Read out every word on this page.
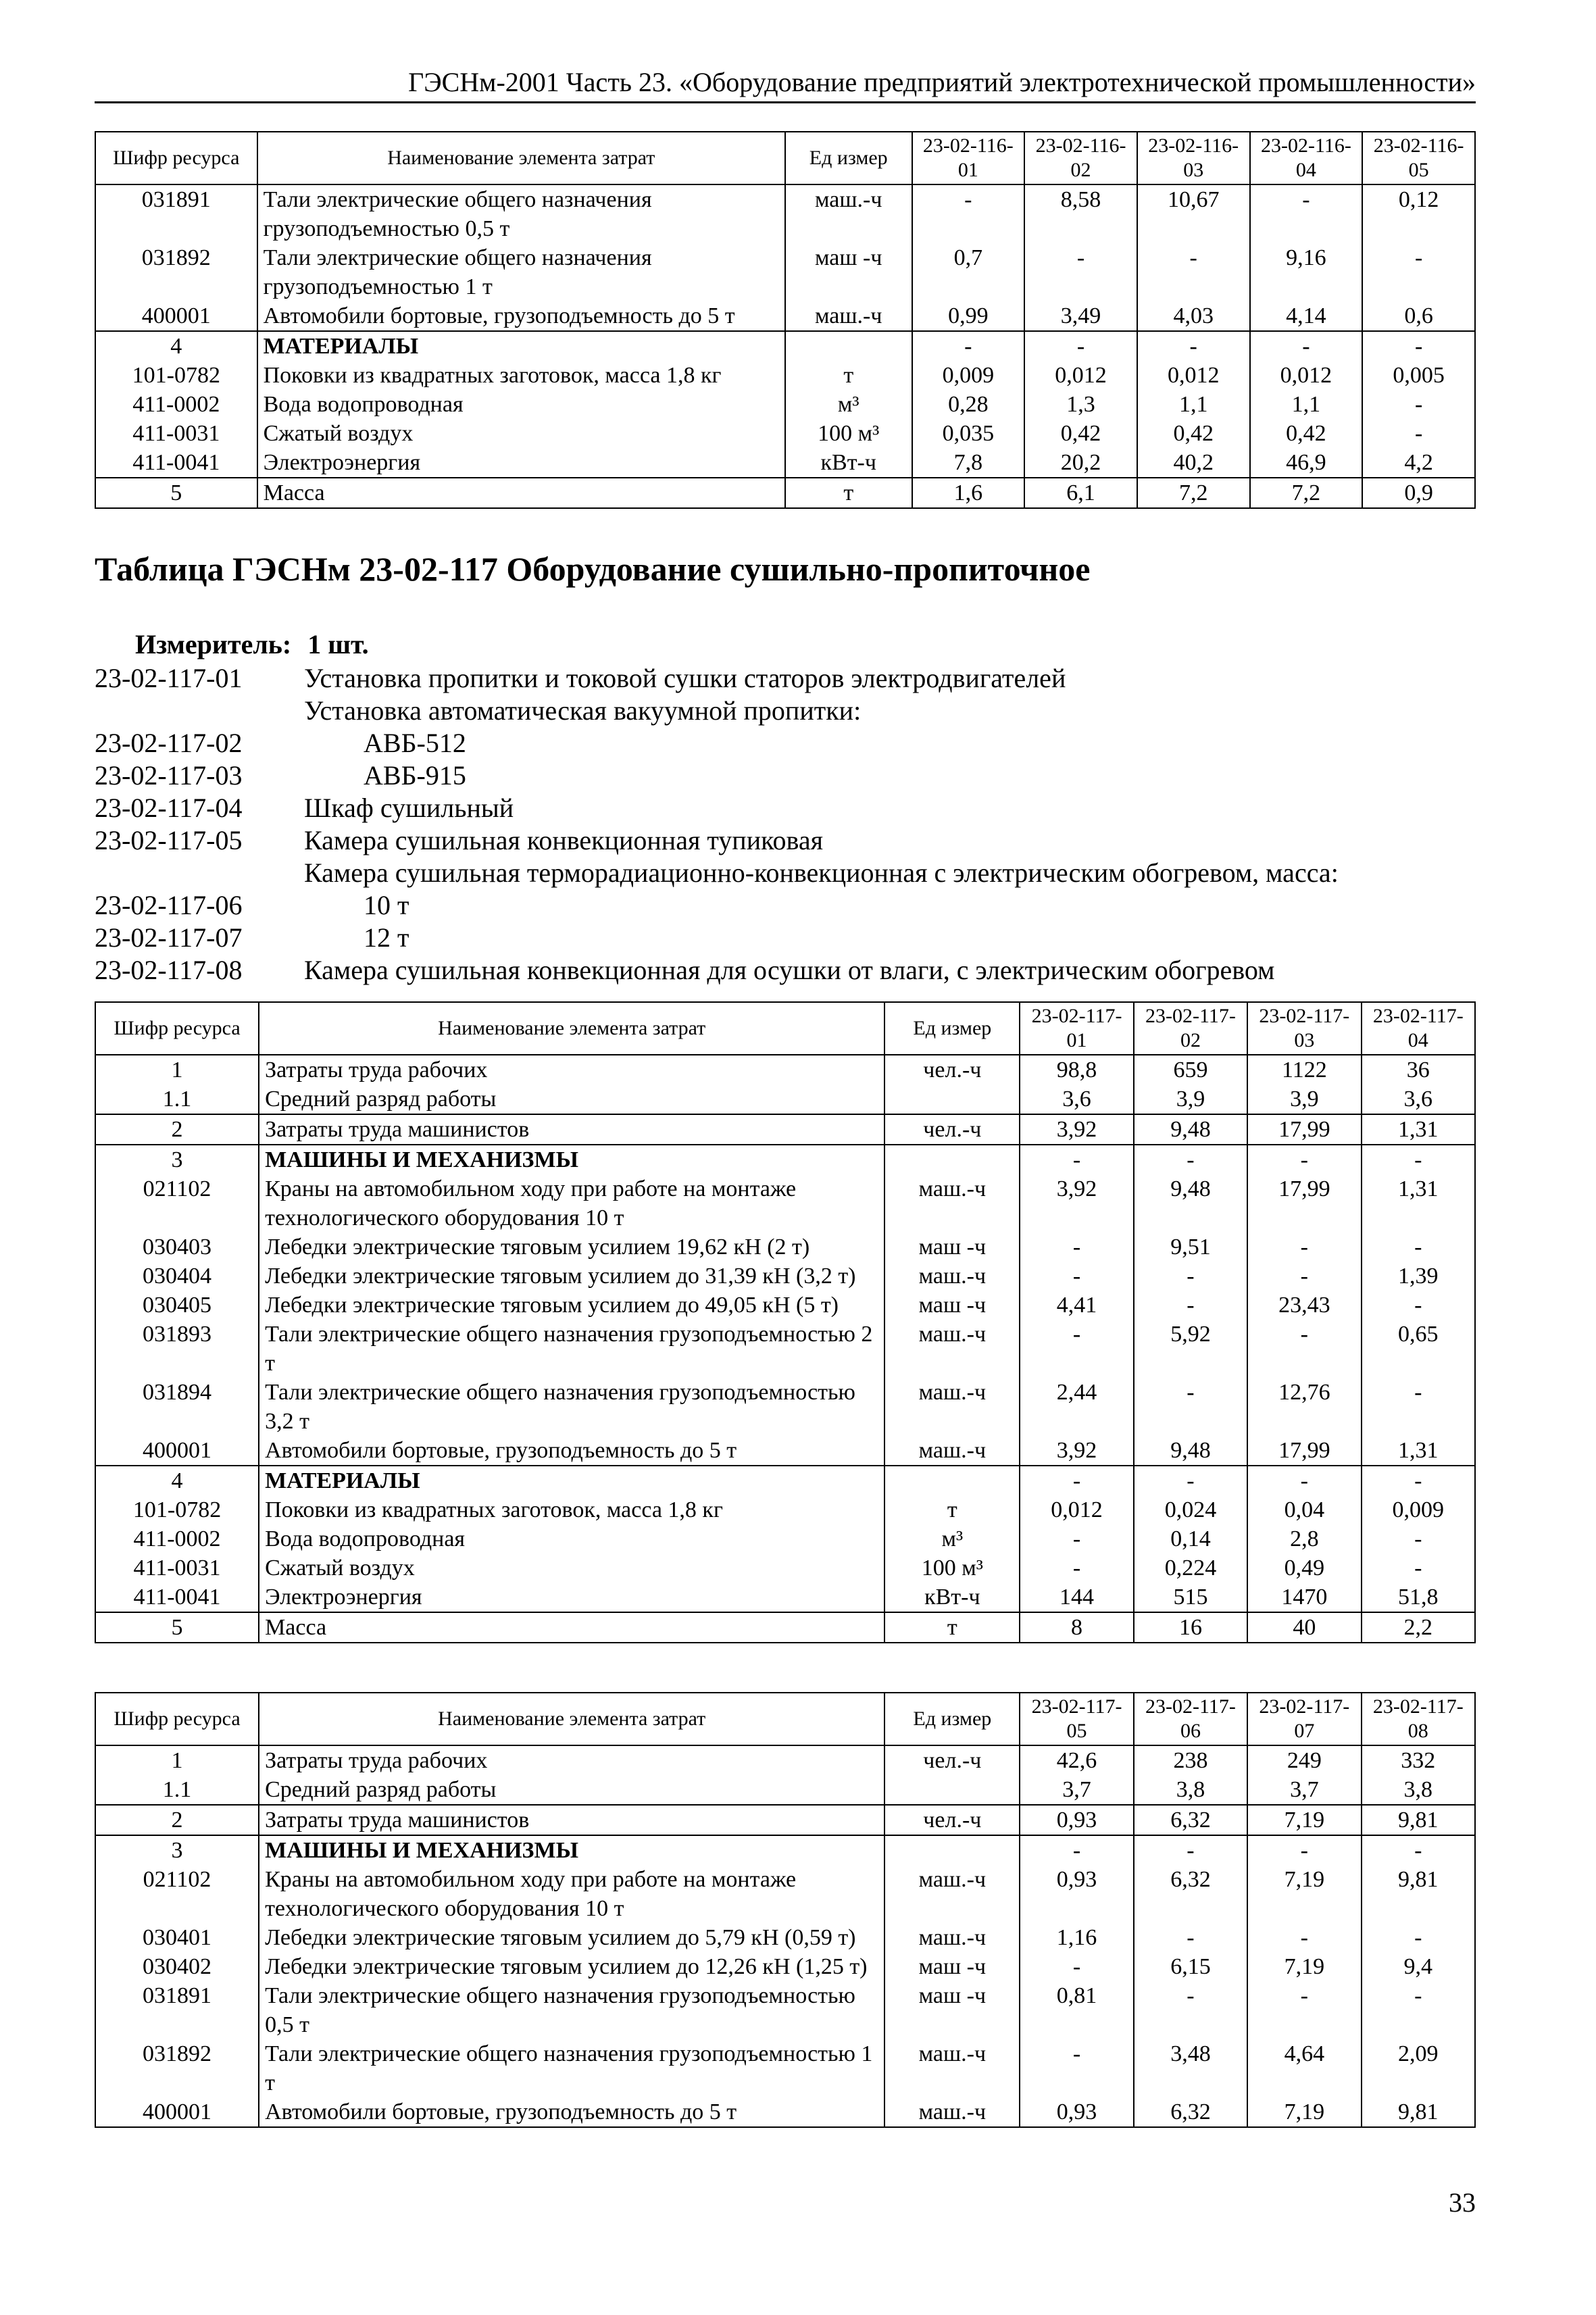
ГЭСНм-2001 Часть 23. «Оборудование предприятий электротехнической промышленности»
Шифр ресурса	Наименование элемента затрат	Ед измер	23-02-116-01	23-02-116-02	23-02-116-03	23-02-116-04	23-02-116-05
031891	Тали электрические общего назначения грузоподъемностью 0,5 т	маш.-ч	-	8,58	10,67	-	0,12
031892	Тали электрические общего назначения грузоподъемностью 1 т	маш -ч	0,7	-	-	9,16	-
400001	Автомобили бортовые, грузоподъемность до 5 т	маш.-ч	0,99	3,49	4,03	4,14	0,6
4	МАТЕРИАЛЫ		-	-	-	-	-
101-0782	Поковки из квадратных заготовок, масса 1,8 кг	т	0,009	0,012	0,012	0,012	0,005
411-0002	Вода водопроводная	м³	0,28	1,3	1,1	1,1	-
411-0031	Сжатый воздух	100 м³	0,035	0,42	0,42	0,42	-
411-0041	Электроэнергия	кВт-ч	7,8	20,2	40,2	46,9	4,2
5	Масса	т	1,6	6,1	7,2	7,2	0,9
Таблица ГЭСНм 23-02-117 Оборудование сушильно-пропиточное
Измеритель: 1 шт.
23-02-117-01 Установка пропитки и токовой сушки статоров электродвигателей
Установка автоматическая вакуумной пропитки:
23-02-117-02	АВБ-512
23-02-117-03	АВБ-915
23-02-117-04 Шкаф сушильный
23-02-117-05 Камера сушильная конвекционная тупиковая
Камера сушильная терморадиационно-конвекционная с электрическим обогревом, масса:
23-02-117-06	10 т
23-02-117-07	12 т
23-02-117-08 Камера сушильная конвекционная для осушки от влаги, с электрическим обогревом
Шифр ресурса	Наименование элемента затрат	Ед измер	23-02-117-01	23-02-117-02	23-02-117-03	23-02-117-04
1	Затраты труда рабочих	чел.-ч	98,8	659	1122	36
1.1	Средний разряд работы		3,6	3,9	3,9	3,6
2	Затраты труда машинистов	чел.-ч	3,92	9,48	17,99	1,31
3	МАШИНЫ И МЕХАНИЗМЫ		-	-	-	-
021102	Краны на автомобильном ходу при работе на монтаже технологического оборудования 10 т	маш.-ч	3,92	9,48	17,99	1,31
030403	Лебедки электрические тяговым усилием 19,62 кН (2 т)	маш -ч	-	9,51	-	-
030404	Лебедки электрические тяговым усилием до 31,39 кН (3,2 т)	маш.-ч	-	-	-	1,39
030405	Лебедки электрические тяговым усилием до 49,05 кН (5 т)	маш -ч	4,41	-	23,43	-
031893	Тали электрические общего назначения грузоподъемностью 2 т	маш.-ч	-	5,92	-	0,65
031894	Тали электрические общего назначения грузоподъемностью 3,2 т	маш.-ч	2,44	-	12,76	-
400001	Автомобили бортовые, грузоподъемность до 5 т	маш.-ч	3,92	9,48	17,99	1,31
4	МАТЕРИАЛЫ		-	-	-	-
101-0782	Поковки из квадратных заготовок, масса 1,8 кг	т	0,012	0,024	0,04	0,009
411-0002	Вода водопроводная	м³	-	0,14	2,8	-
411-0031	Сжатый воздух	100 м³	-	0,224	0,49	-
411-0041	Электроэнергия	кВт-ч	144	515	1470	51,8
5	Масса	т	8	16	40	2,2
Шифр ресурса	Наименование элемента затрат	Ед измер	23-02-117-05	23-02-117-06	23-02-117-07	23-02-117-08
1	Затраты труда рабочих	чел.-ч	42,6	238	249	332
1.1	Средний разряд работы		3,7	3,8	3,7	3,8
2	Затраты труда машинистов	чел.-ч	0,93	6,32	7,19	9,81
3	МАШИНЫ И МЕХАНИЗМЫ		-	-	-	-
021102	Краны на автомобильном ходу при работе на монтаже технологического оборудования 10 т	маш.-ч	0,93	6,32	7,19	9,81
030401	Лебедки электрические тяговым усилием до 5,79 кН (0,59 т)	маш.-ч	1,16	-	-	-
030402	Лебедки электрические тяговым усилием до 12,26 кН (1,25 т)	маш -ч	-	6,15	7,19	9,4
031891	Тали электрические общего назначения грузоподъемностью 0,5 т	маш -ч	0,81	-	-	-
031892	Тали электрические общего назначения грузоподъемностью 1 т	маш.-ч	-	3,48	4,64	2,09
400001	Автомобили бортовые, грузоподъемность до 5 т	маш.-ч	0,93	6,32	7,19	9,81
33
